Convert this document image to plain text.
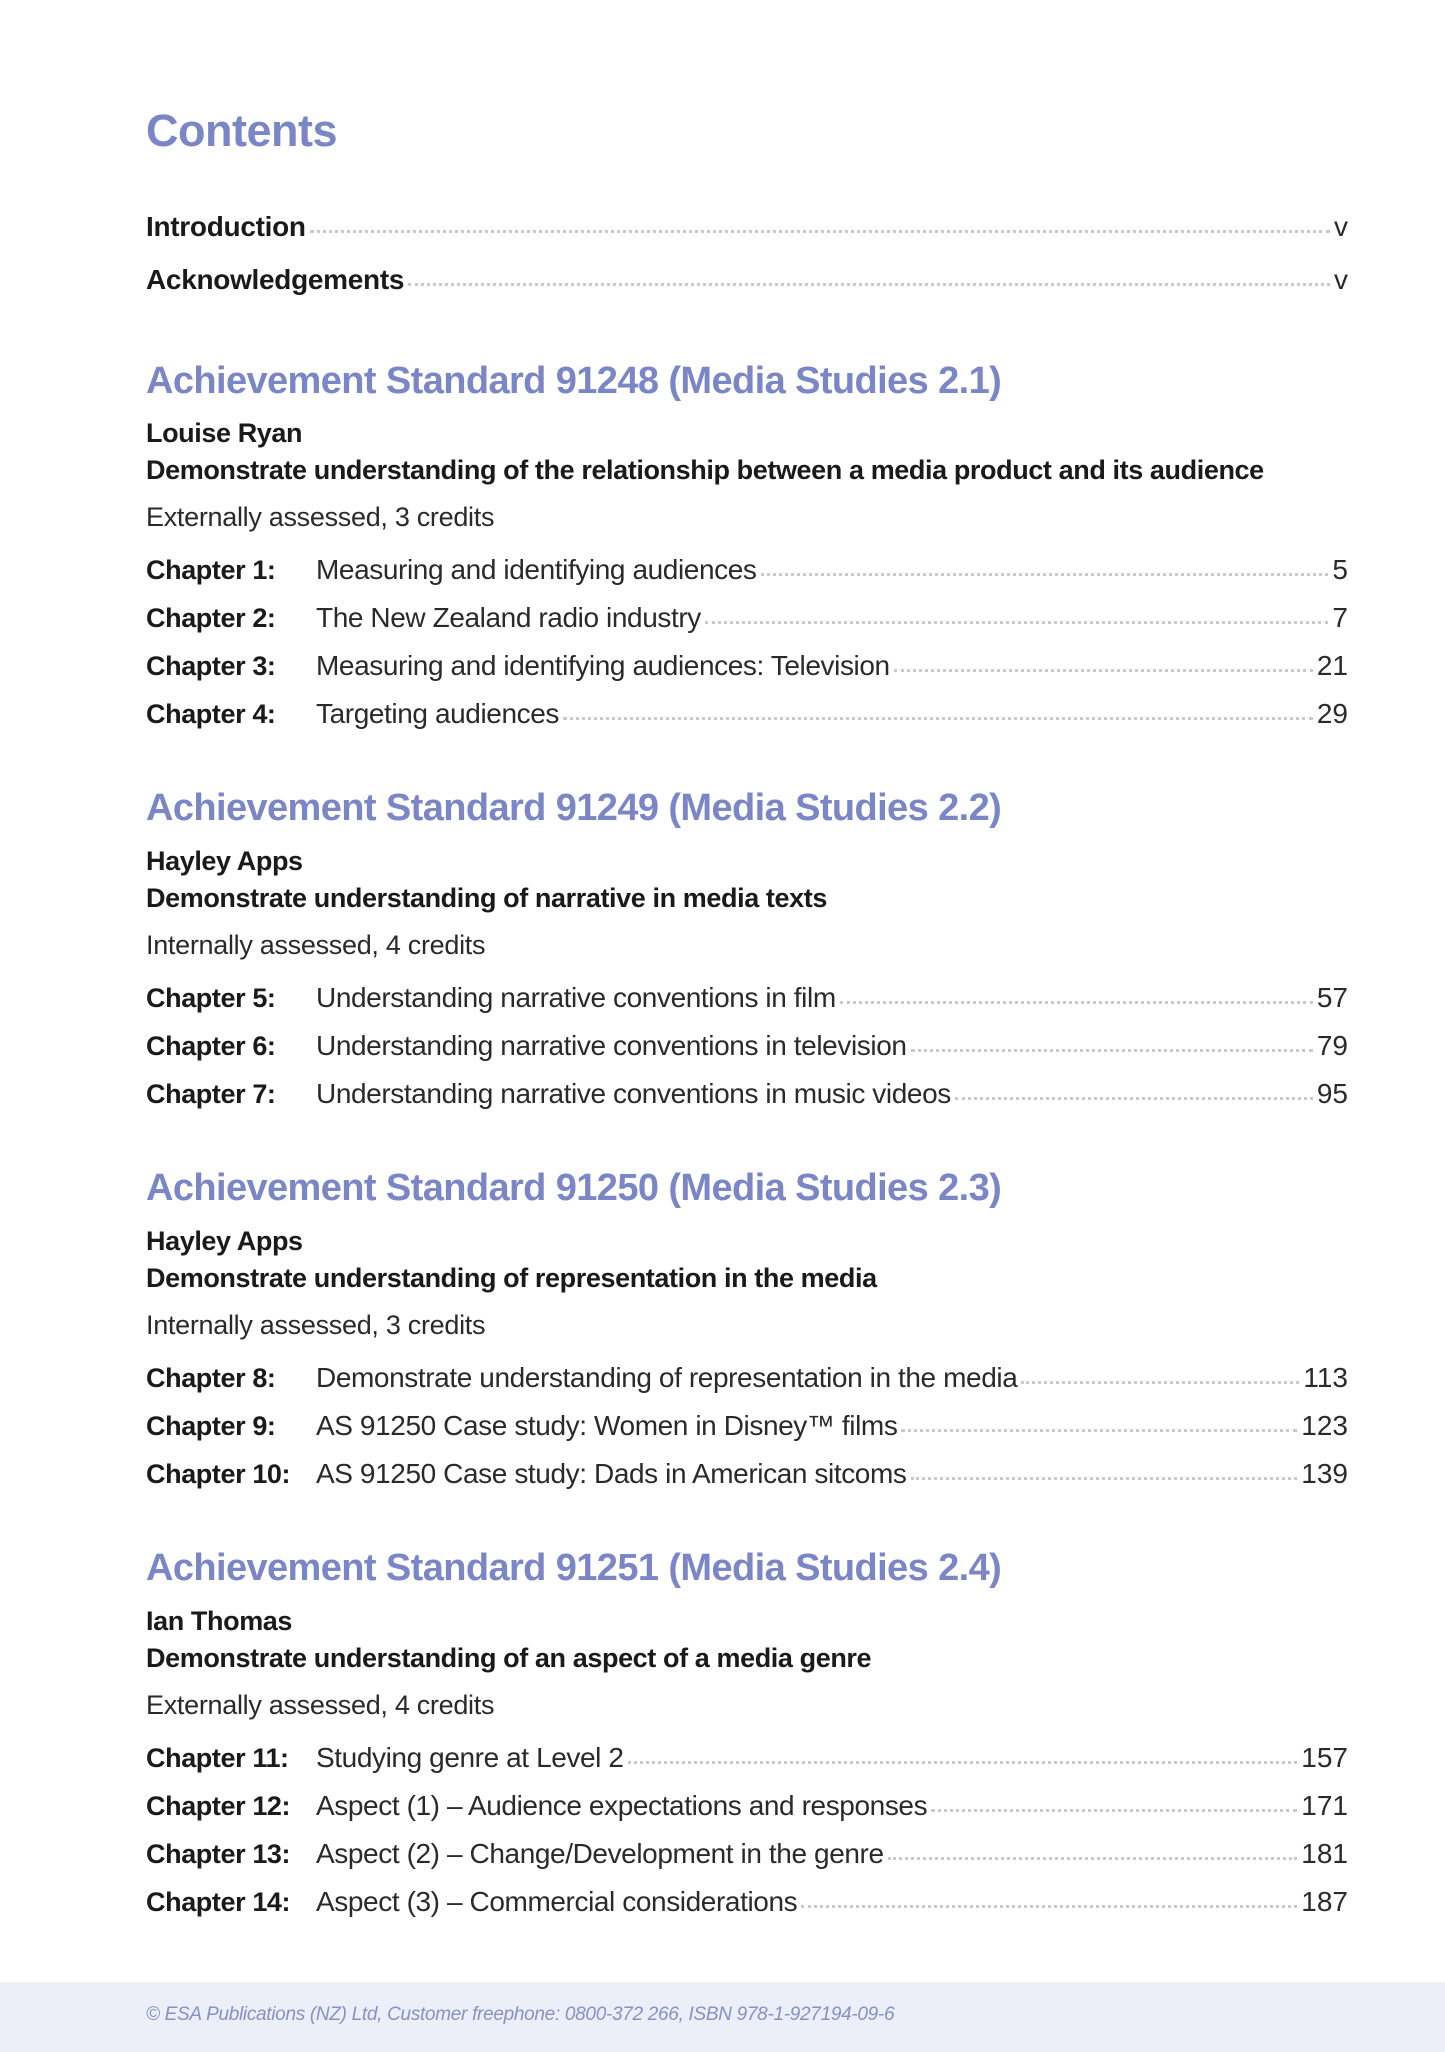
Contents
Introduction	v
Acknowledgements	v
Achievement Standard 91248 (Media Studies 2.1)
Louise Ryan
Demonstrate understanding of the relationship between a media product and its audience
Externally assessed, 3 credits
Chapter 1:	Measuring and identifying audiences	5
Chapter 2:	The New Zealand radio industry	7
Chapter 3:	Measuring and identifying audiences: Television	21
Chapter 4:	Targeting audiences	29
Achievement Standard 91249 (Media Studies 2.2)
Hayley Apps
Demonstrate understanding of narrative in media texts
Internally assessed, 4 credits
Chapter 5:	Understanding narrative conventions in film	57
Chapter 6:	Understanding narrative conventions in television	79
Chapter 7:	Understanding narrative conventions in music videos	95
Achievement Standard 91250 (Media Studies 2.3)
Hayley Apps
Demonstrate understanding of representation in the media
Internally assessed, 3 credits
Chapter 8:	Demonstrate understanding of representation in the media	113
Chapter 9:	AS 91250 Case study: Women in Disney™ films	123
Chapter 10: AS 91250 Case study: Dads in American sitcoms	139
Achievement Standard 91251 (Media Studies 2.4)
Ian Thomas
Demonstrate understanding of an aspect of a media genre
Externally assessed, 4 credits
Chapter 11: Studying genre at Level 2	157
Chapter 12: Aspect (1) – Audience expectations and responses	171
Chapter 13: Aspect (2) – Change/Development in the genre	181
Chapter 14: Aspect (3) – Commercial considerations	187
© ESA Publications (NZ) Ltd, Customer freephone: 0800-372 266, ISBN 978-1-927194-09-6
